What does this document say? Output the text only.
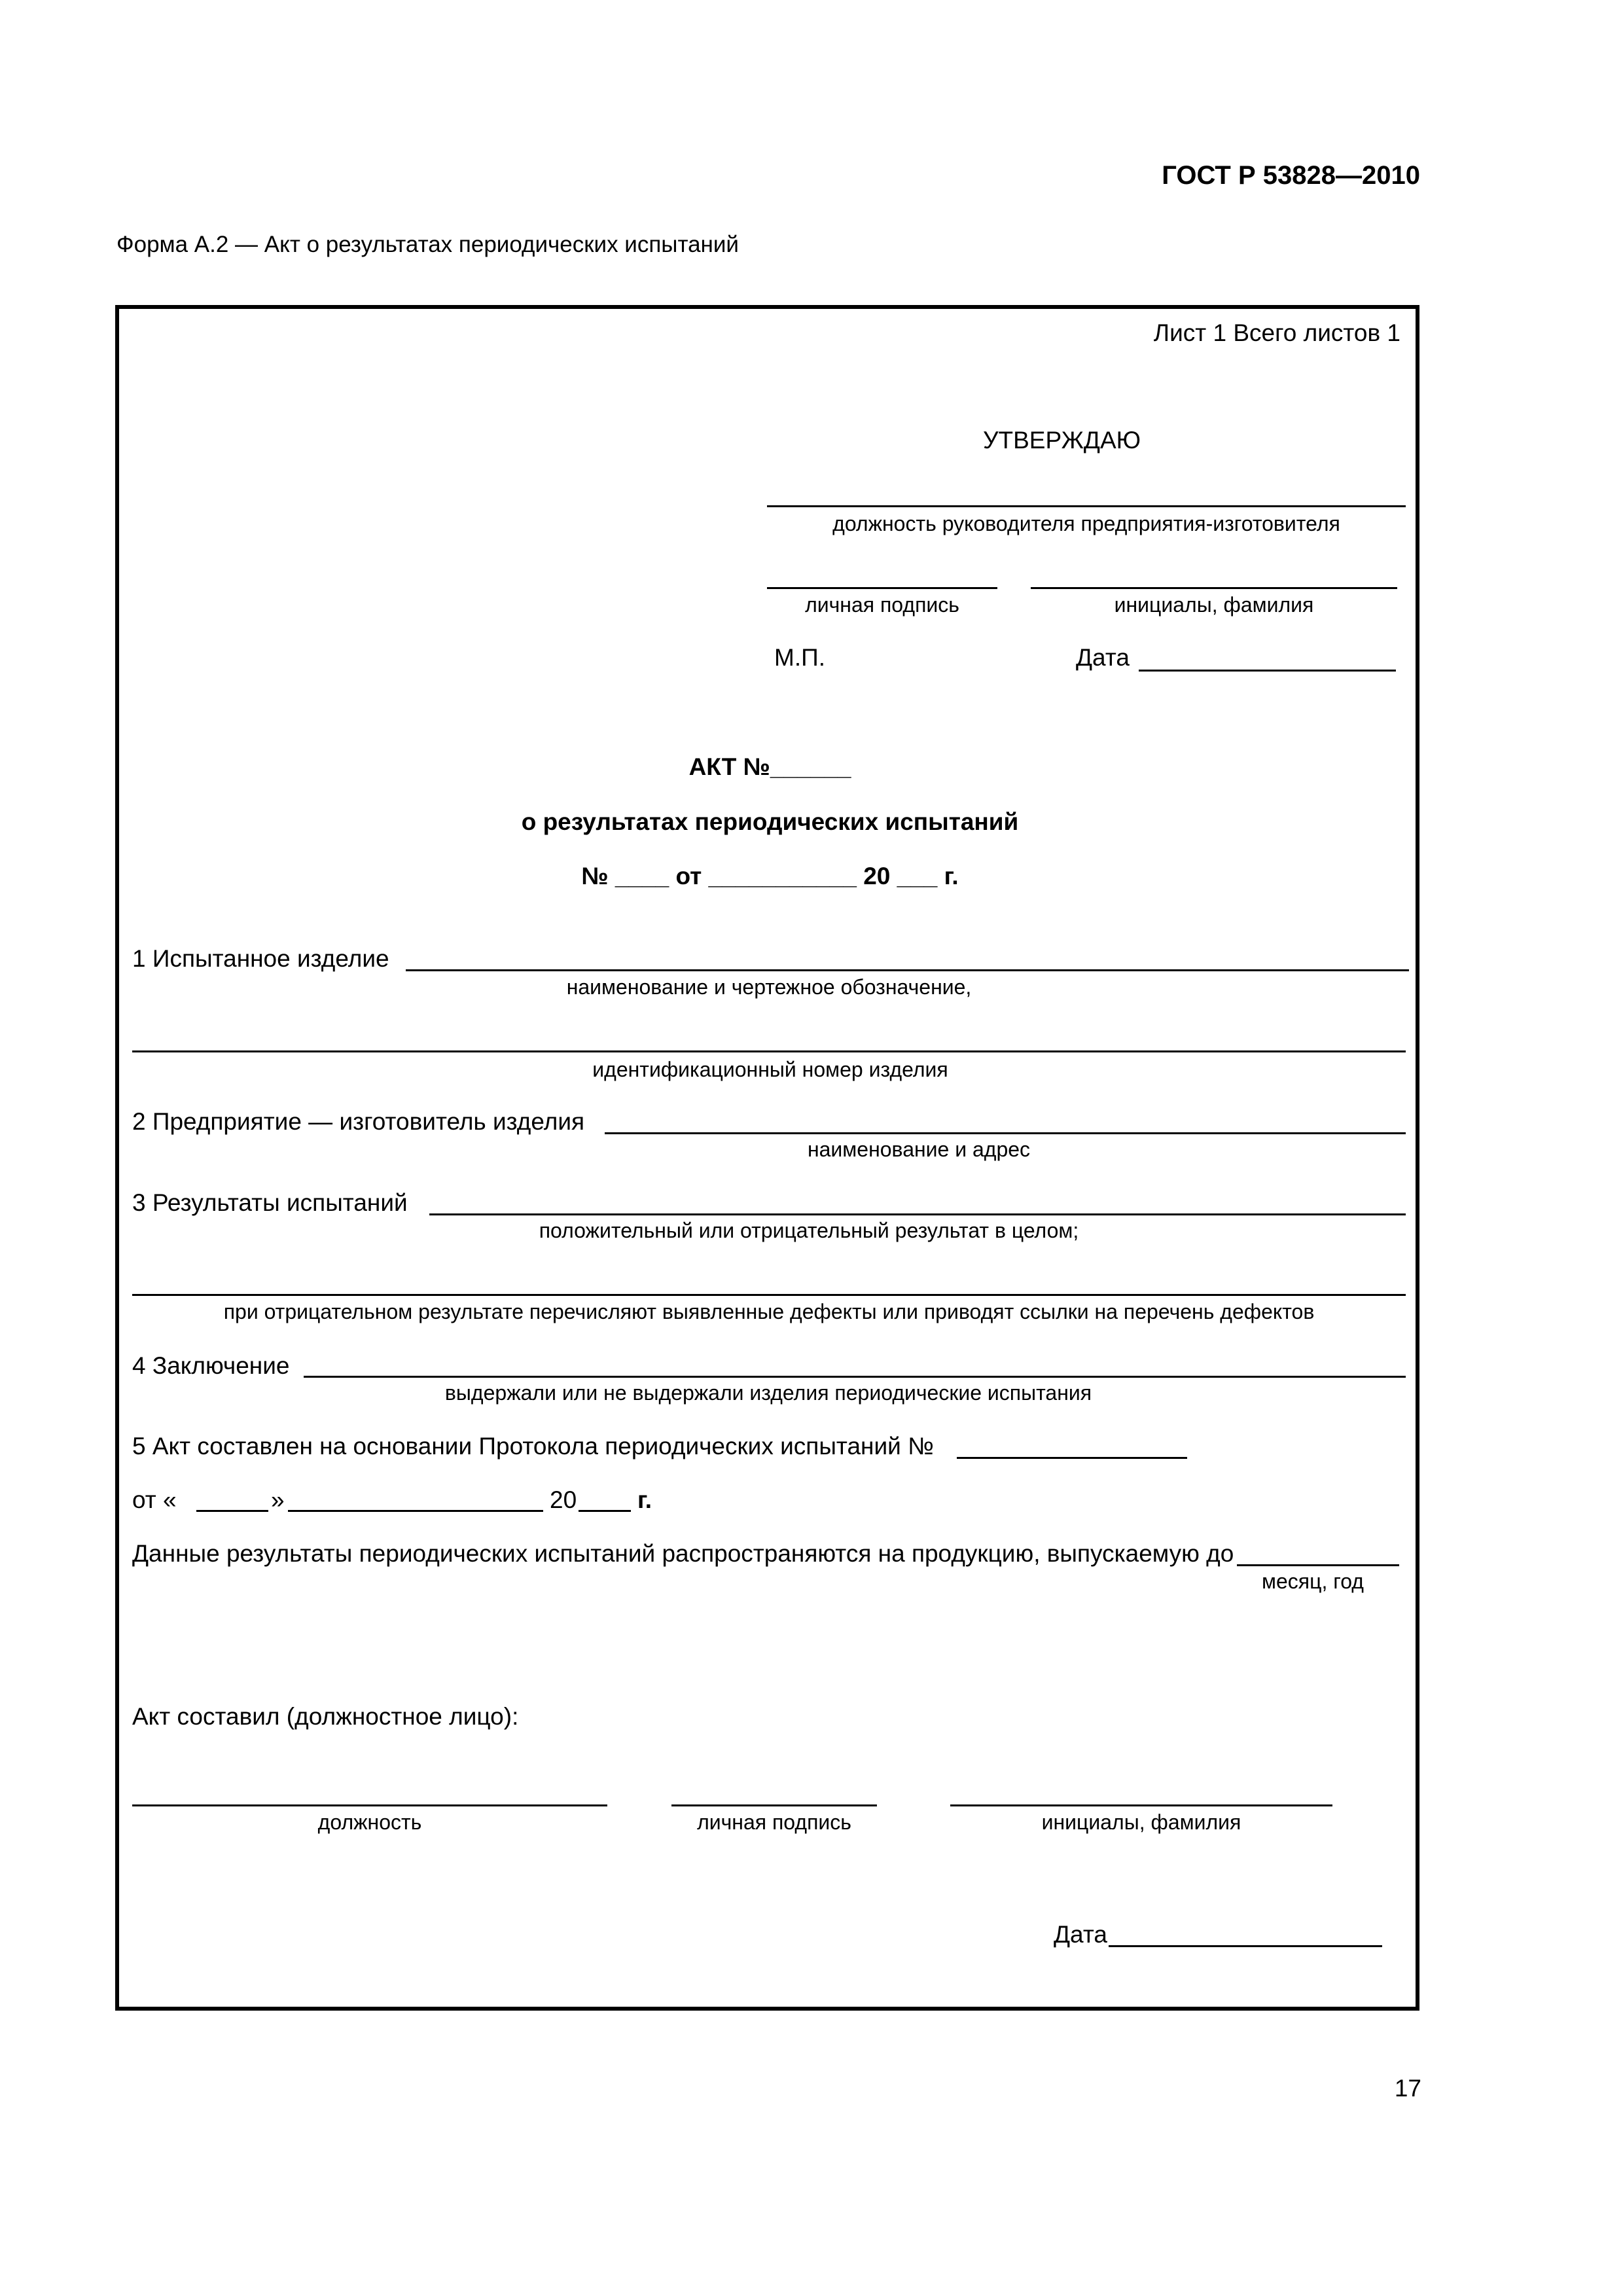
ГОСТ Р 53828—2010
Форма А.2 — Акт о результатах периодических испытаний
Лист 1 Всего листов 1
УТВЕРЖДАЮ
должность руководителя предприятия-изготовителя
личная подпись	инициалы, фамилия
М.П.	Дата
АКТ №______
о результатах периодических испытаний
№ ____ от ___________ 20 ___ г.
1 Испытанное изделие
наименование и чертежное обозначение,
идентификационный номер изделия
2 Предприятие — изготовитель изделия
наименование и адрес
3 Результаты испытаний
положительный или отрицательный результат в целом;
при отрицательном результате перечисляют выявленные дефекты или приводят ссылки на перечень дефектов
4 Заключение
выдержали или не выдержали изделия периодические испытания
5 Акт составлен на основании Протокола периодических испытаний №
от «	»	20	г.
Данные результаты периодических испытаний распространяются на продукцию, выпускаемую до
месяц, год
Акт составил (должностное лицо):
должность	личная подпись	инициалы, фамилия
Дата
17
